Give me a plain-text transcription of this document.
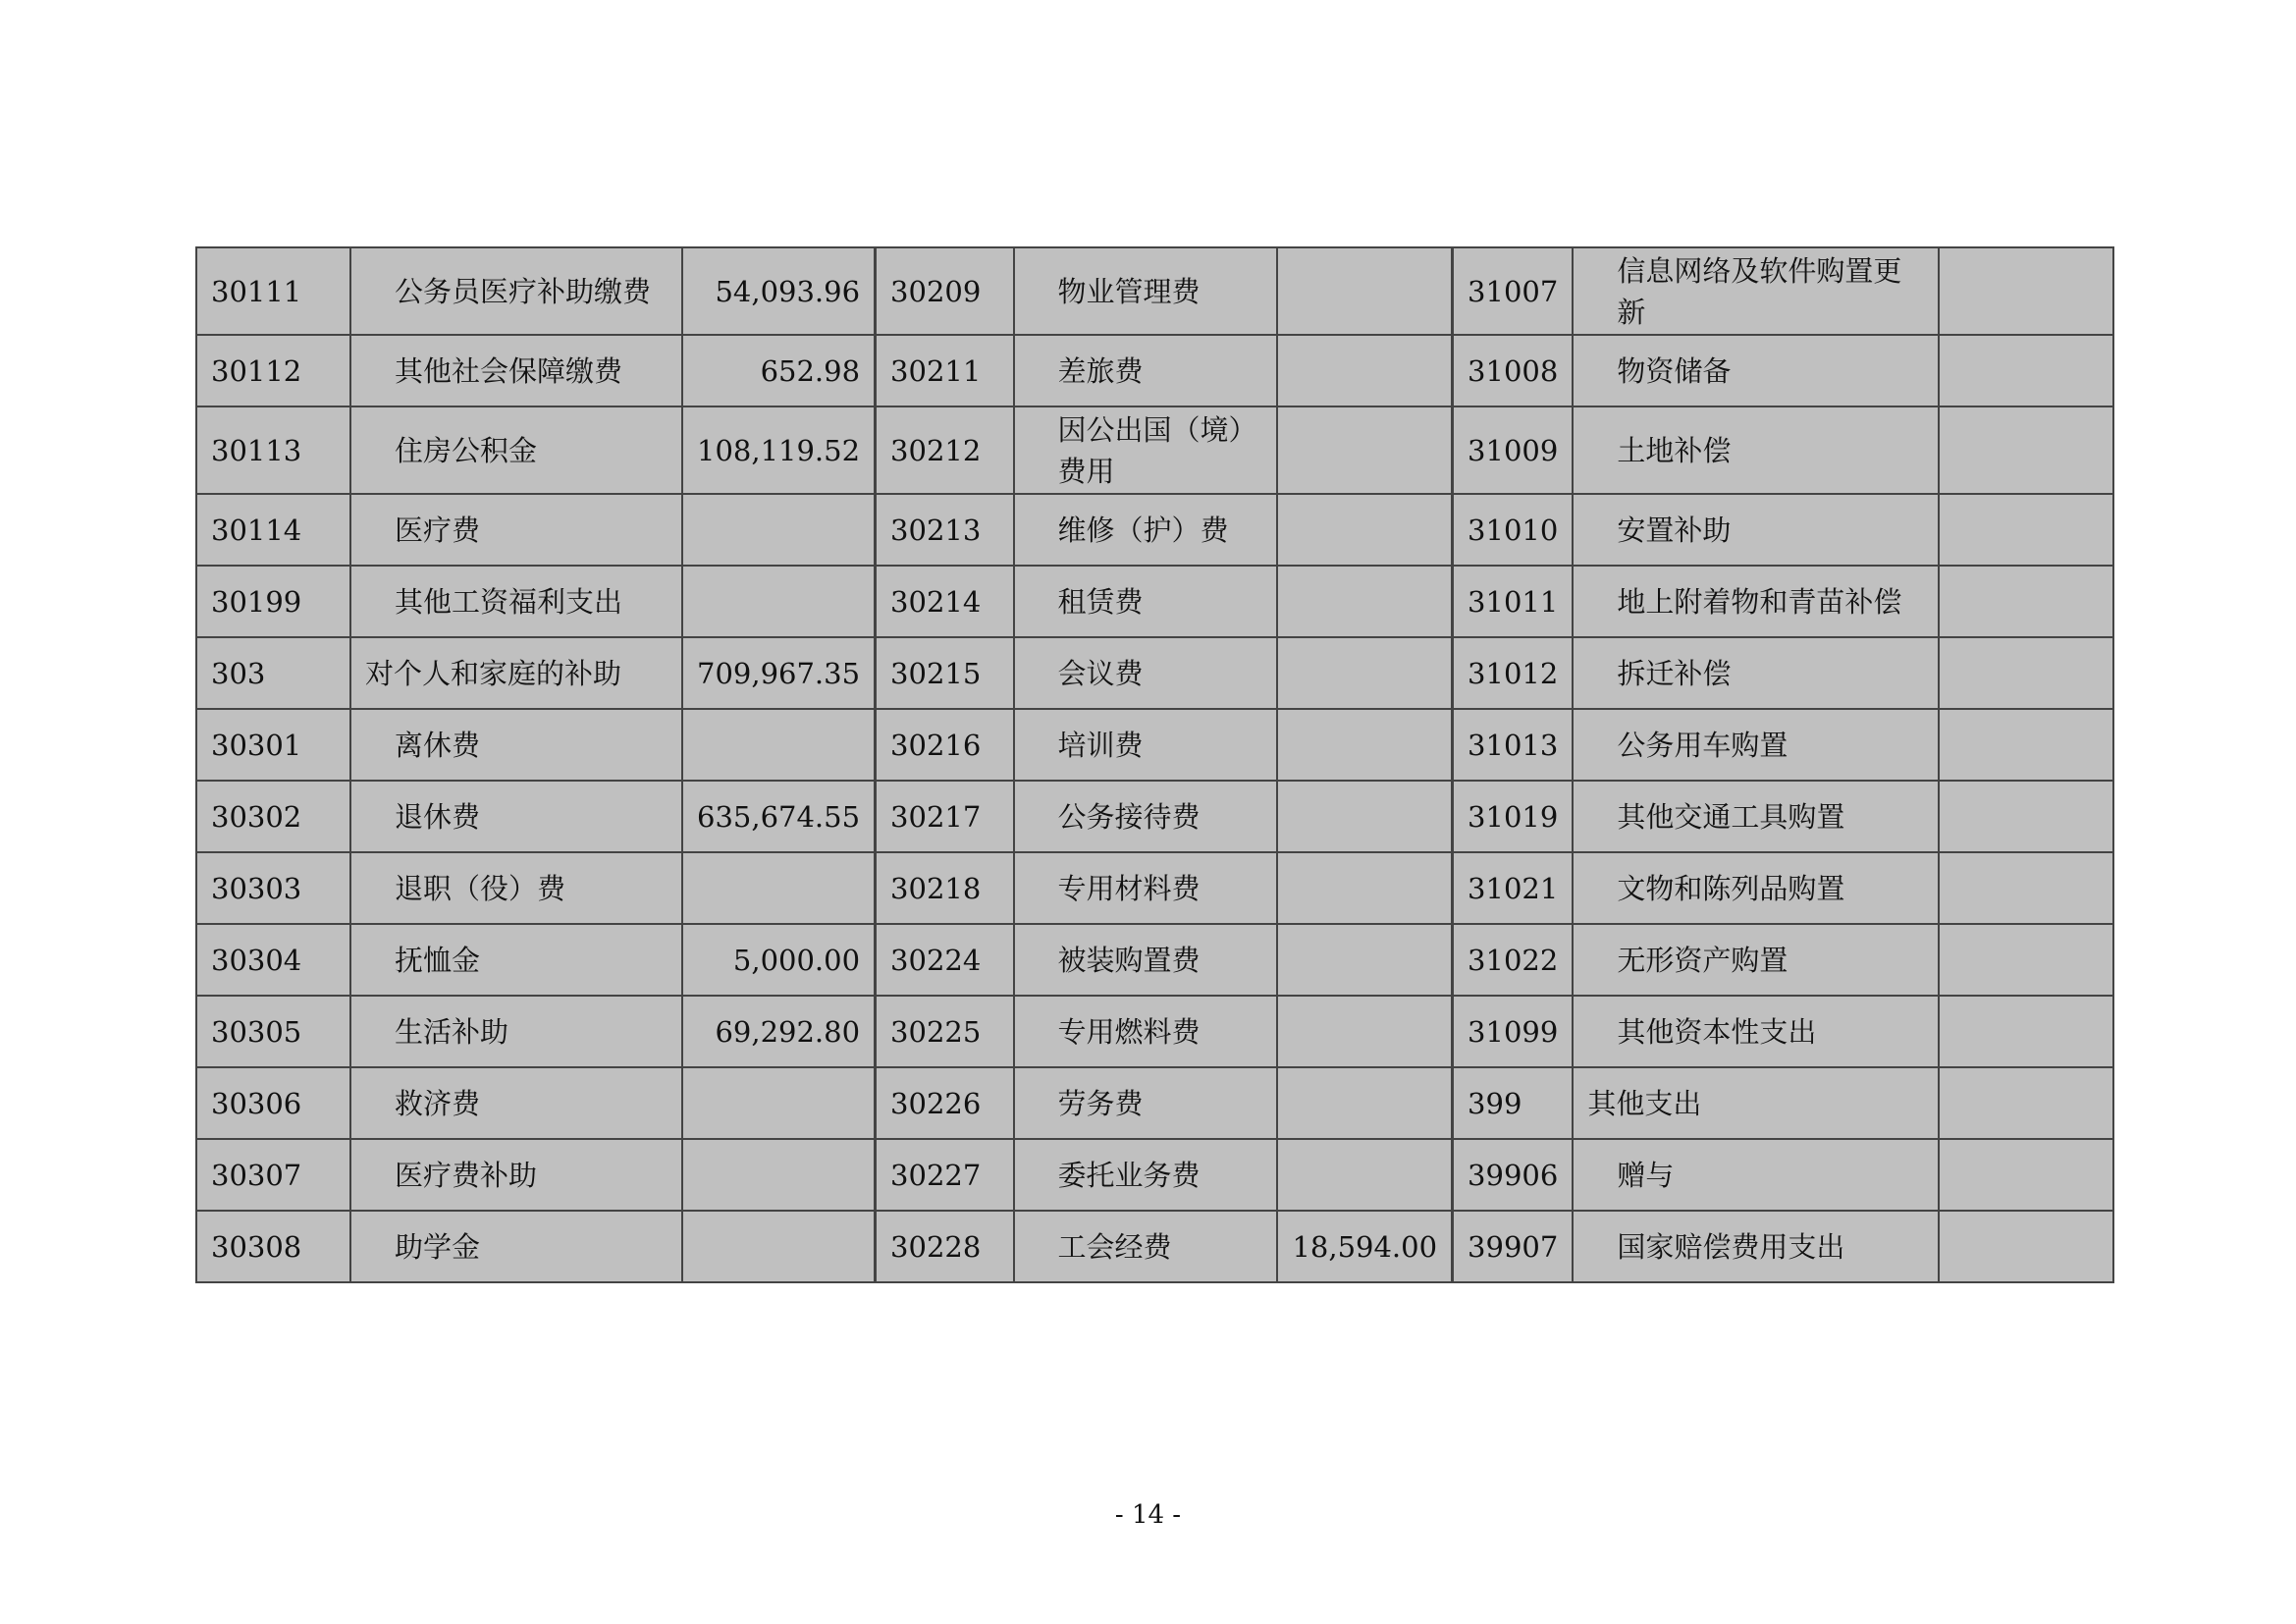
30111	公务员医疗补助缴费	54,093.96	30209	物业管理费		31007	信息网络及软件购置更新	
30112	其他社会保障缴费	652.98	30211	差旅费		31008	物资储备	
30113	住房公积金	108,119.52	30212	因公出国（境）费用		31009	土地补偿	
30114	医疗费		30213	维修（护）费		31010	安置补助	
30199	其他工资福利支出		30214	租赁费		31011	地上附着物和青苗补偿	
303	对个人和家庭的补助	709,967.35	30215	会议费		31012	拆迁补偿	
30301	离休费		30216	培训费		31013	公务用车购置	
30302	退休费	635,674.55	30217	公务接待费		31019	其他交通工具购置	
30303	退职（役）费		30218	专用材料费		31021	文物和陈列品购置	
30304	抚恤金	5,000.00	30224	被装购置费		31022	无形资产购置	
30305	生活补助	69,292.80	30225	专用燃料费		31099	其他资本性支出	
30306	救济费		30226	劳务费		399	其他支出	
30307	医疗费补助		30227	委托业务费		39906	赠与	
30308	助学金		30228	工会经费	18,594.00	39907	国家赔偿费用支出	
- 14 -
